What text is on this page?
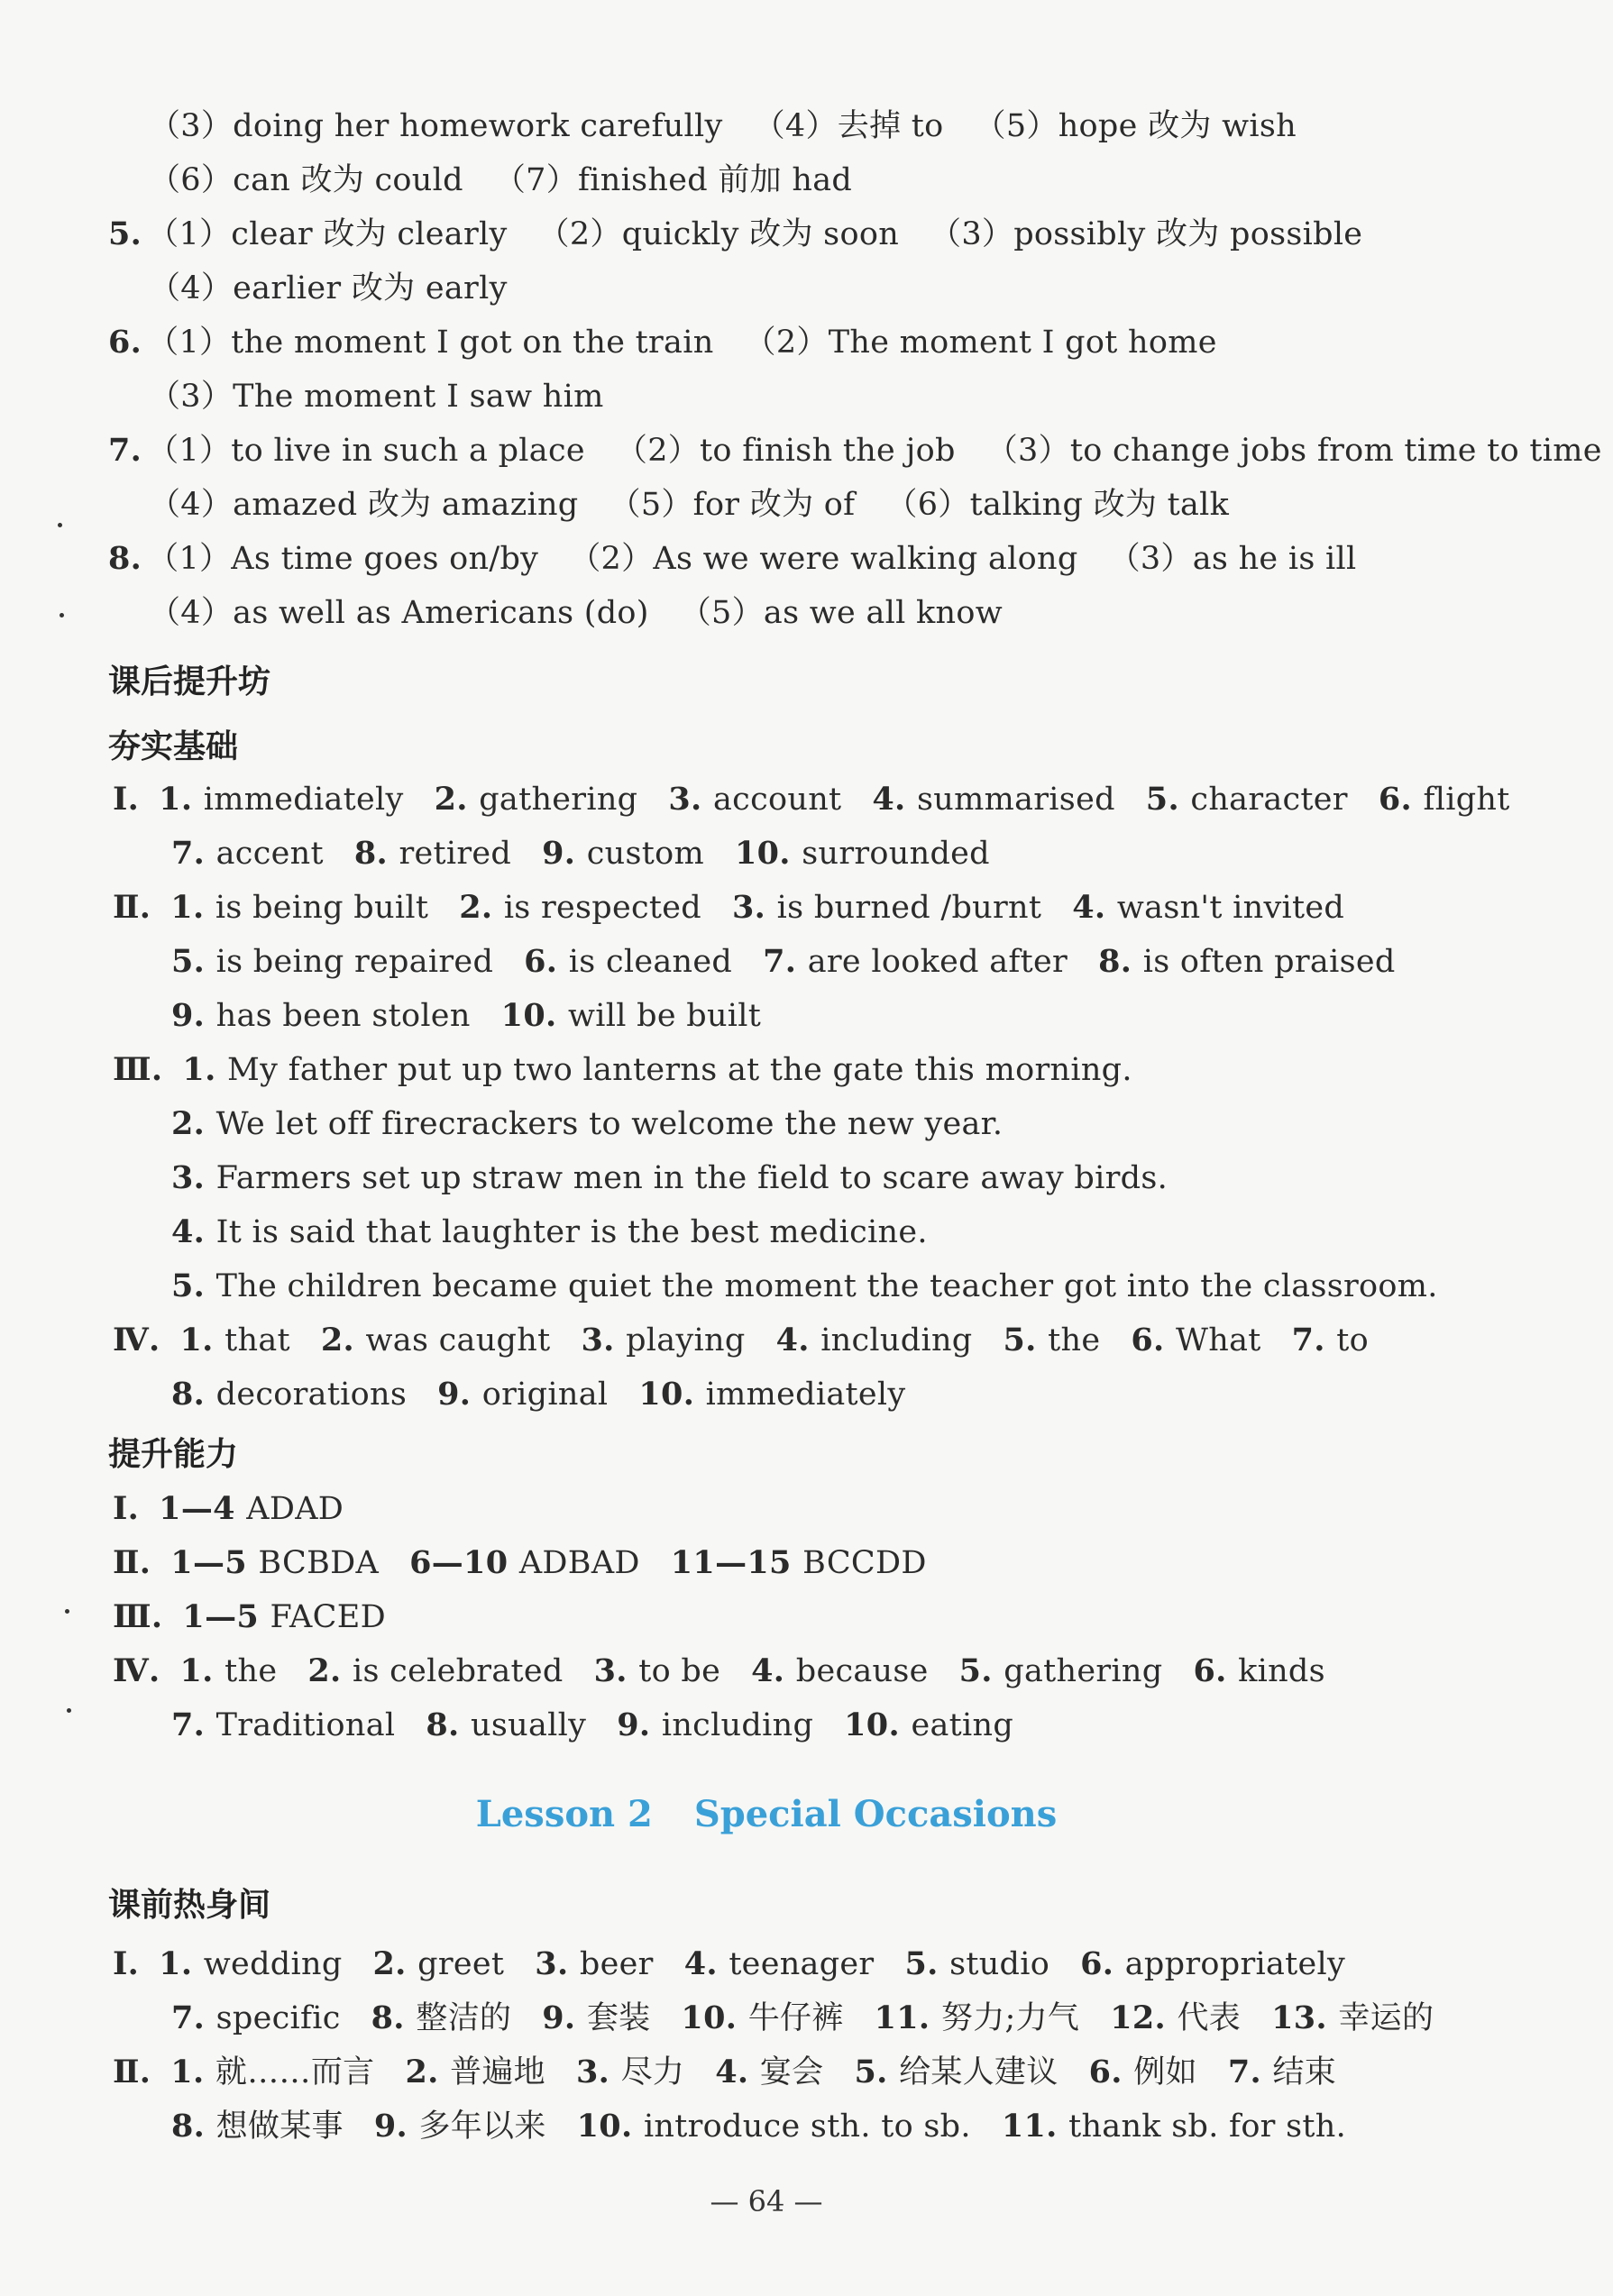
（3）doing her homework carefully （4）去掉 to （5）hope 改为 wish
（6）can 改为 could （7）finished 前加 had
5. （1）clear 改为 clearly （2）quickly 改为 soon （3）possibly 改为 possible
（4）earlier 改为 early
6. （1）the moment I got on the train （2）The moment I got home
（3）The moment I saw him
7. （1）to live in such a place （2）to finish the job （3）to change jobs from time to time
（4）amazed 改为 amazing （5）for 改为 of （6）talking 改为 talk
8. （1）As time goes on/by （2）As we were walking along （3）as he is ill
（4）as well as Americans (do) （5）as we all know
课后提升坊
夯实基础
Ⅰ. 1. immediately 2. gathering 3. account 4. summarised 5. character 6. flight
7. accent 8. retired 9. custom 10. surrounded
Ⅱ. 1. is being built 2. is respected 3. is burned /burnt 4. wasn't invited
5. is being repaired 6. is cleaned 7. are looked after 8. is often praised
9. has been stolen 10. will be built
Ⅲ. 1. My father put up two lanterns at the gate this morning.
2. We let off firecrackers to welcome the new year.
3. Farmers set up straw men in the field to scare away birds.
4. It is said that laughter is the best medicine.
5. The children became quiet the moment the teacher got into the classroom.
Ⅳ. 1. that 2. was caught 3. playing 4. including 5. the 6. What 7. to
8. decorations 9. original 10. immediately
提升能力
Ⅰ. 1—4 ADAD
Ⅱ. 1—5 BCBDA 6—10 ADBAD 11—15 BCCDD
Ⅲ. 1—5 FACED
Ⅳ. 1. the 2. is celebrated 3. to be 4. because 5. gathering 6. kinds
7. Traditional 8. usually 9. including 10. eating
Lesson 2 Special Occasions
课前热身间
Ⅰ. 1. wedding 2. greet 3. beer 4. teenager 5. studio 6. appropriately
7. specific 8. 整洁的 9. 套装 10. 牛仔裤 11. 努力;力气 12. 代表 13. 幸运的
Ⅱ. 1. 就……而言 2. 普遍地 3. 尽力 4. 宴会 5. 给某人建议 6. 例如 7. 结束
8. 想做某事 9. 多年以来 10. introduce sth. to sb. 11. thank sb. for sth.
— 64 —
